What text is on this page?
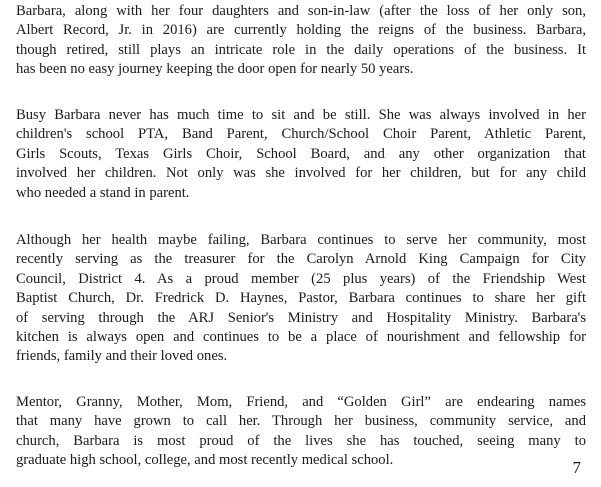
Barbara, along with her four daughters and son-in-law (after the loss of her only son,
Albert Record, Jr. in 2016) are currently holding the reigns of the business. Barbara,
though retired, still plays an intricate role in the daily operations of the business. It
has been no easy journey keeping the door open for nearly 50 years.

Busy Barbara never has much time to sit and be still. She was always involved in her
children's school PTA, Band Parent, Church/School Choir Parent, Athletic Parent,
Girls Scouts, Texas Girls Choir, School Board, and any other organization that
involved her children. Not only was she involved for her children, but for any child
who needed a stand in parent.

Although her health maybe failing, Barbara continues to serve her community, most
recently serving as the treasurer for the Carolyn Arnold King Campaign for City
Council, District 4. As a proud member (25 plus years) of the Friendship West
Baptist Church, Dr. Fredrick D. Haynes, Pastor, Barbara continues to share her gift
of serving through the ARJ Senior's Ministry and Hospitality Ministry. Barbara's
kitchen is always open and continues to be a place of nourishment and fellowship for
friends, family and their loved ones.

Mentor, Granny, Mother, Mom, Friend, and “Golden Girl” are endearing names
that many have grown to call her. Through her business, community service, and
church, Barbara is most proud of the lives she has touched, seeing many to
graduate high school, college, and most recently medical school.	7
